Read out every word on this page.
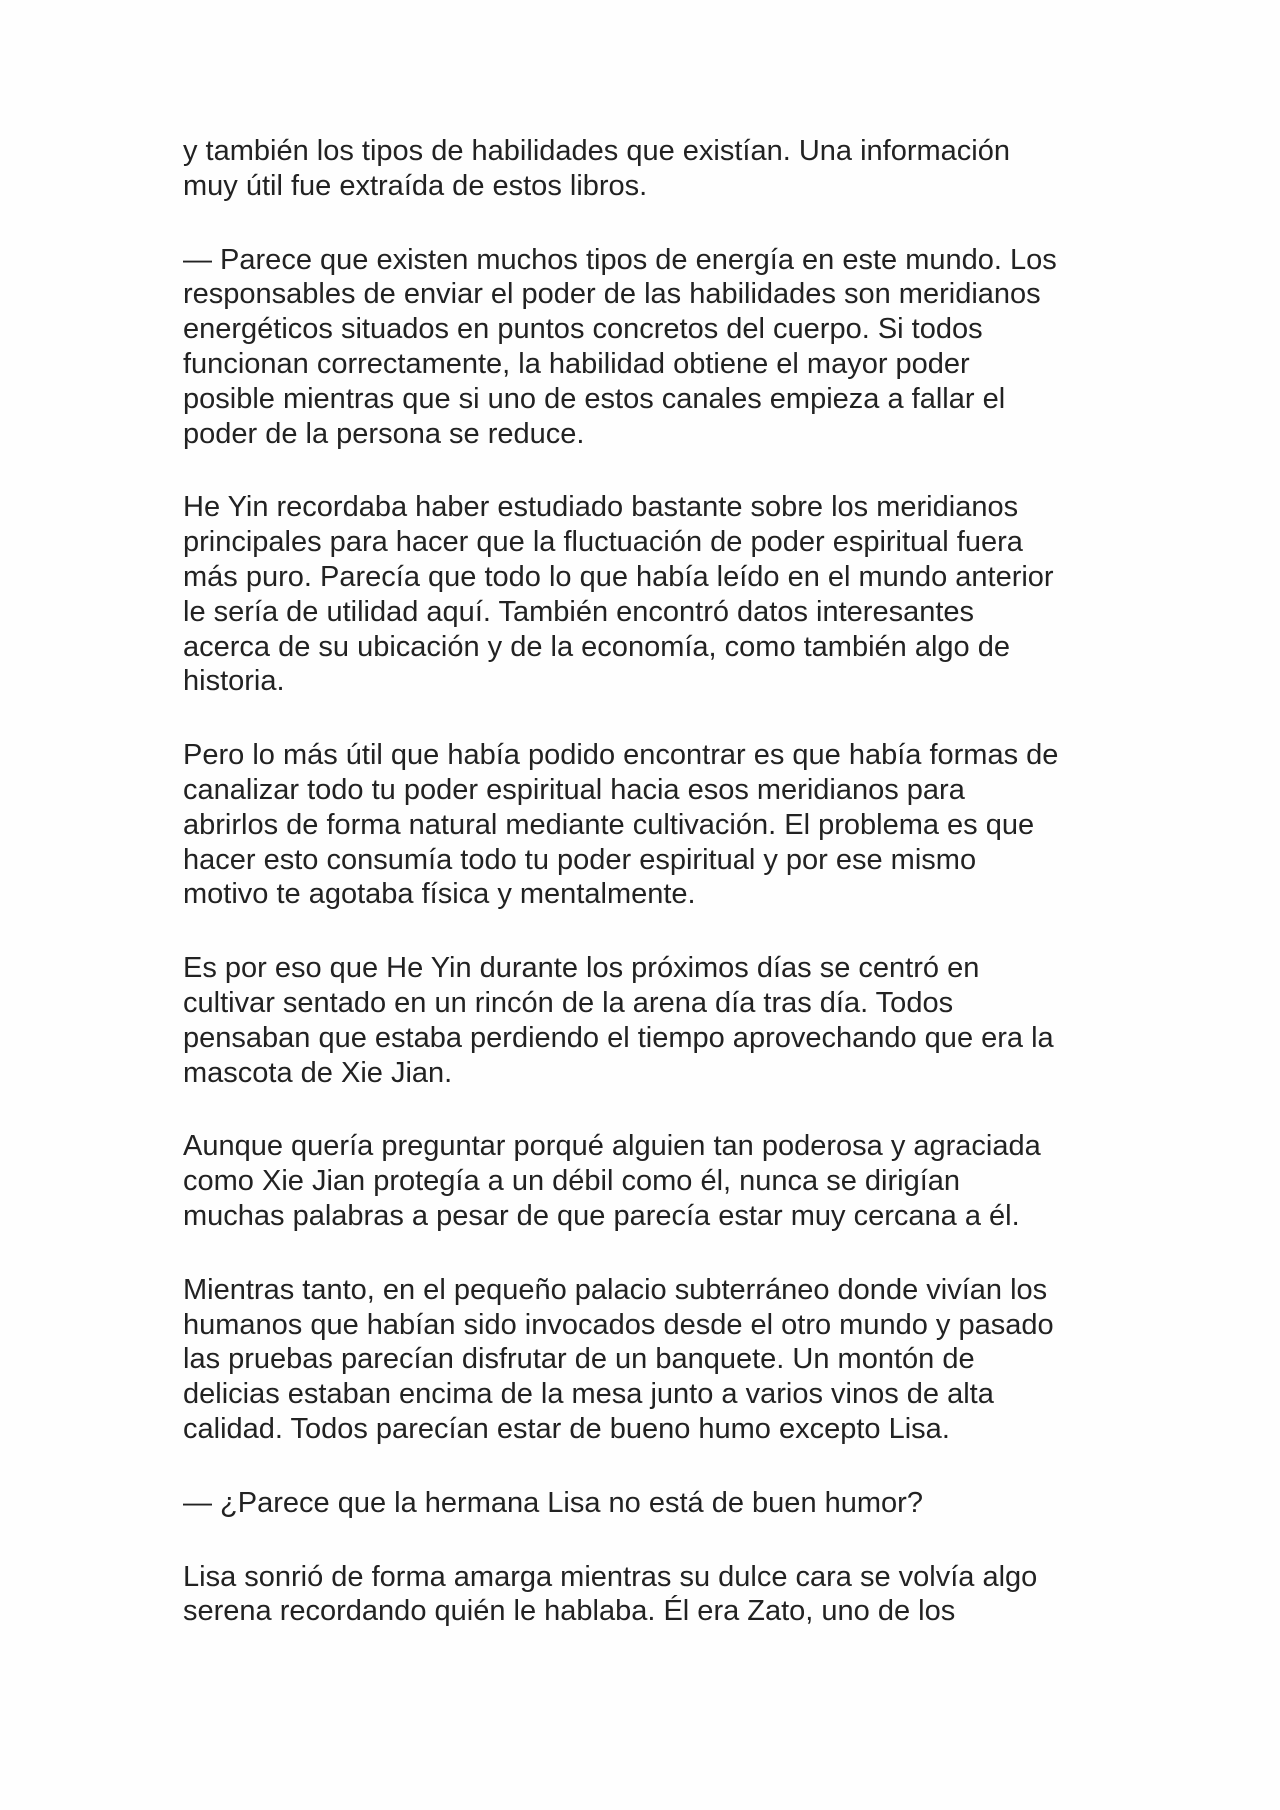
y también los tipos de habilidades que existían. Una información
muy útil fue extraída de estos libros.

— Parece que existen muchos tipos de energía en este mundo. Los
responsables de enviar el poder de las habilidades son meridianos
energéticos situados en puntos concretos del cuerpo. Si todos
funcionan correctamente, la habilidad obtiene el mayor poder
posible mientras que si uno de estos canales empieza a fallar el
poder de la persona se reduce.

He Yin recordaba haber estudiado bastante sobre los meridianos
principales para hacer que la fluctuación de poder espiritual fuera
más puro. Parecía que todo lo que había leído en el mundo anterior
le sería de utilidad aquí. También encontró datos interesantes
acerca de su ubicación y de la economía, como también algo de
historia.

Pero lo más útil que había podido encontrar es que había formas de
canalizar todo tu poder espiritual hacia esos meridianos para
abrirlos de forma natural mediante cultivación. El problema es que
hacer esto consumía todo tu poder espiritual y por ese mismo
motivo te agotaba física y mentalmente.

Es por eso que He Yin durante los próximos días se centró en
cultivar sentado en un rincón de la arena día tras día. Todos
pensaban que estaba perdiendo el tiempo aprovechando que era la
mascota de Xie Jian.

Aunque quería preguntar porqué alguien tan poderosa y agraciada
como Xie Jian protegía a un débil como él, nunca se dirigían
muchas palabras a pesar de que parecía estar muy cercana a él.

Mientras tanto, en el pequeño palacio subterráneo donde vivían los
humanos que habían sido invocados desde el otro mundo y pasado
las pruebas parecían disfrutar de un banquete. Un montón de
delicias estaban encima de la mesa junto a varios vinos de alta
calidad. Todos parecían estar de bueno humo excepto Lisa.

— ¿Parece que la hermana Lisa no está de buen humor?

Lisa sonrió de forma amarga mientras su dulce cara se volvía algo
serena recordando quién le hablaba. Él era Zato, uno de los
